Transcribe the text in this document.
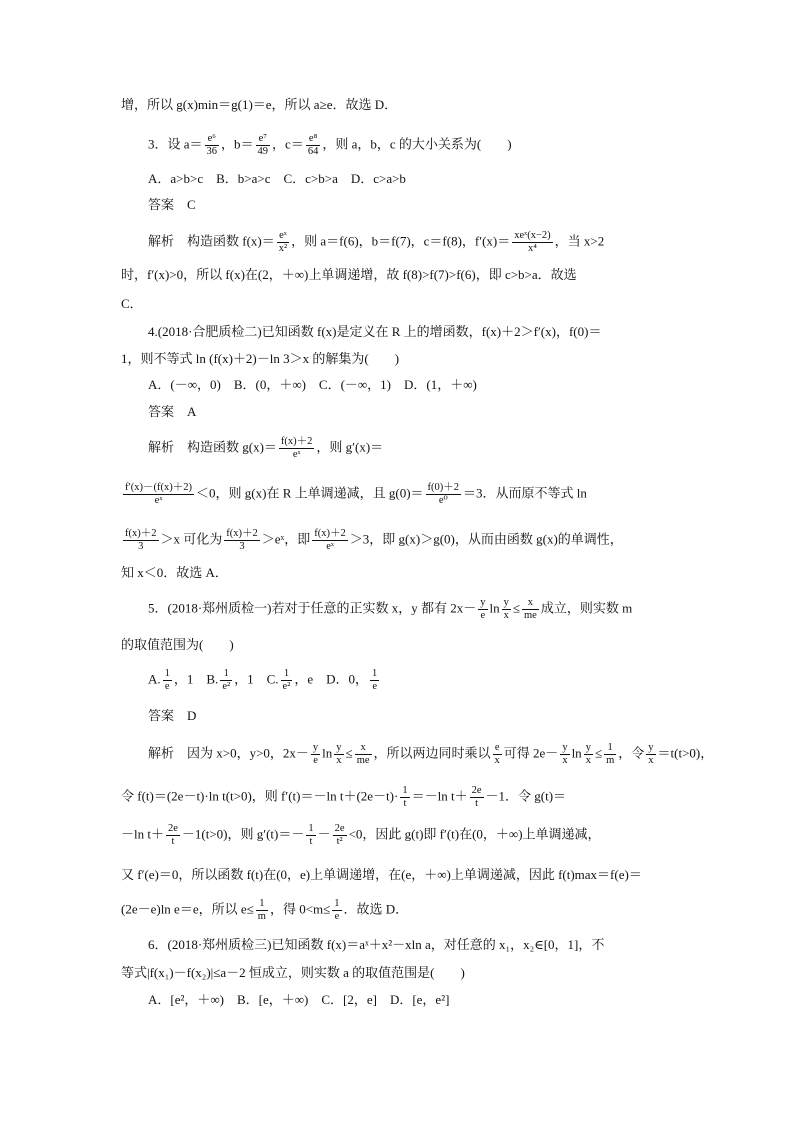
增，所以 g(x)min＝g(1)＝e，所以 a≥e．故选 D．
3．设 $a= \frac{\text{e⁶}}{36}$ ，$b= \frac{\text{e⁷}}{49}$ ，$c= \frac{\text{e⁸}}{64}$ ，则 a，b，c 的大小关系为(　　)
A．a>b>c　B．b>a>c　C．c>b>a　D．c>a>b
答案　C
解析　构造函数 $f(x)= \frac{\text{eˣ}}{\text{x²}}$ ，则 a＝f(6)，b＝f(7)，c＝f(8)，$f'(x)= \frac{\text{xeˣ(x−2)}}{\text{x⁴}}$ ，当 x>2
时，f′(x)>0，所以 f(x)在(2，＋∞)上单调递增，故 f(8)>f(7)>f(6)，即 c>b>a．故选
C．
4.(2018·合肥质检二)已知函数 f(x)是定义在 R 上的增函数，f(x)＋2＞f′(x)，f(0)＝
1，则不等式 ln (f(x)＋2)－ln 3＞x 的解集为(　　)
A．(－∞，0)　B．(0，＋∞)　C．(－∞，1)　D．(1，＋∞)
答案　A
解析　构造函数 $g(x)= \frac{f(x)+2}{\text{eˣ}}$ ，则 g′(x)＝
$\frac{f'(x)-(f(x)+2)}{\text{eˣ}} <0$，则 g(x)在 R 上单调递减，且 $g(0)= \frac{f(0)+2}{\text{e⁰}} =3$．从而原不等式 ln
$\frac{f(x)+2}{3} >x$ 可化为 $\frac{f(x)+2}{3}$ ＞eˣ，即 $\frac{f(x)+2}{\text{eˣ}} >3$，即 g(x)＞g(0)，从而由函数 g(x)的单调性，
知 x＜0．故选 A．
5．(2018·郑州质检一)若对于任意的正实数 x，y 都有 $2x- \frac{y}{e}$ $\ln \frac{y}{x} \le \frac{x}{me}$ 成立，则实数 m
的取值范围为(　　)
A. $\frac{1}{e}$ ，1　B. $\frac{1}{\text{e²}}$ ，1　C. $\frac{1}{\text{e²}}$ ，e　D．0， $\frac{1}{e}$
答案　D
解析　因为 x>0，y>0，$2x- \frac{y}{e}$ $\ln \frac{y}{x} \le \frac{x}{me}$ ，所以两边同时乘以 $\frac{e}{x}$ 可得 $2e- \frac{y}{x}$ $\ln \frac{y}{x} \le \frac{1}{m}$ ，令 $\frac{y}{x} =t(t>0)$，
令 f(t)＝(2e－t)·ln t(t>0)，则 f′(t)＝－ln $t+(2e-t)\cdot \frac{1}{t} =-\ln$ $t+ \frac{2e}{t} -1$．令 g(t)＝
－ln $t+ \frac{2e}{t} -1(t>0)$，则 $g'(t)=- \frac{1}{t} - \frac{2e}{\text{t²}} <0$，因此 g(t)即 f′(t)在(0，＋∞)上单调递减，
又 f′(e)＝0，所以函数 f(t)在(0，e)上单调递增，在(e，＋∞)上单调递减，因此 f(t)max＝f(e)＝
(2e－e)ln e＝e，所以 $e\le \frac{1}{m}$ ，得 $0<m\le \frac{1}{e}$ ．故选 D．
6．(2018·郑州质检三)已知函数 f(x)＝aˣ＋x²－xln a，对任意的 x₁，x₂∈[0，1]，不
等式|f(x₁)－f(x₂)|≤a－2 恒成立，则实数 a 的取值范围是(　　)
A．[e²，＋∞)　B．[e，＋∞)　C．[2，e]　D．[e，e²]
